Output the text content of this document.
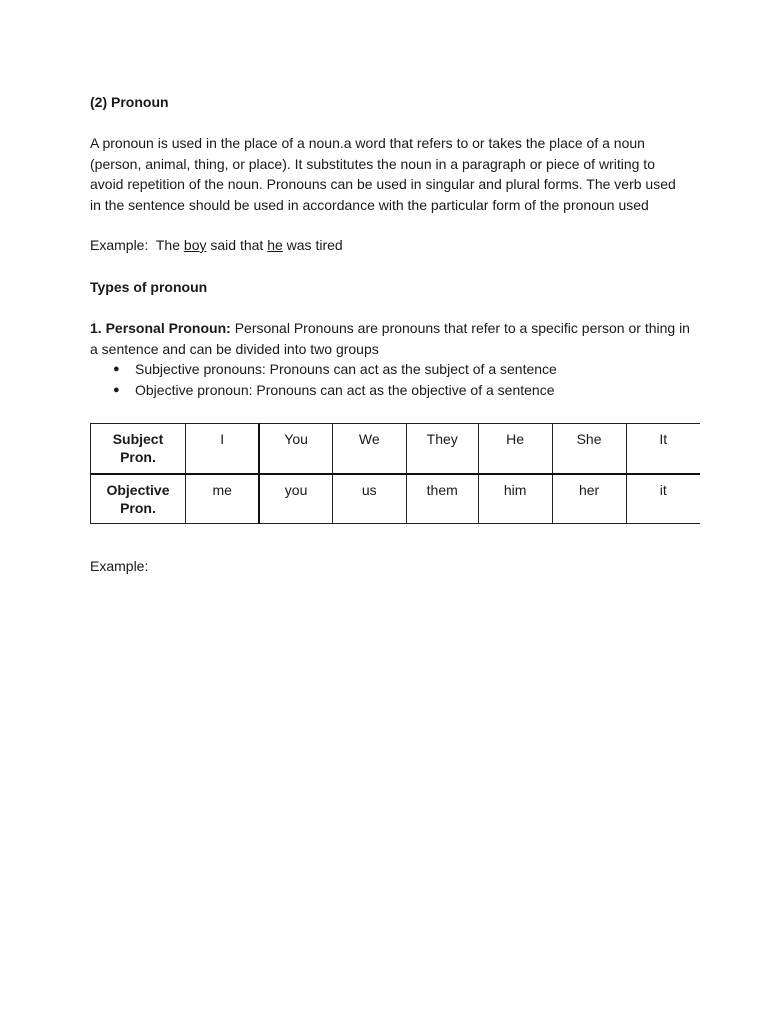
(2) Pronoun
A pronoun is used in the place of a noun.a word that refers to or takes the place of a noun (person, animal, thing, or place). It substitutes the noun in a paragraph or piece of writing to avoid repetition of the noun. Pronouns can be used in singular and plural forms. The verb used in the sentence should be used in accordance with the particular form of the pronoun used
Example:  The boy said that he was tired
Types of pronoun
1. Personal Pronoun: Personal Pronouns are pronouns that refer to a specific person or thing in a sentence and can be divided into two groups
● Subjective pronouns: Pronouns can act as the subject of a sentence
● Objective pronoun: Pronouns can act as the objective of a sentence
Subject
Pron.	I	You	We	They	He	She	It
Objective
Pron.	me	you	us	them	him	her	it
Example:
